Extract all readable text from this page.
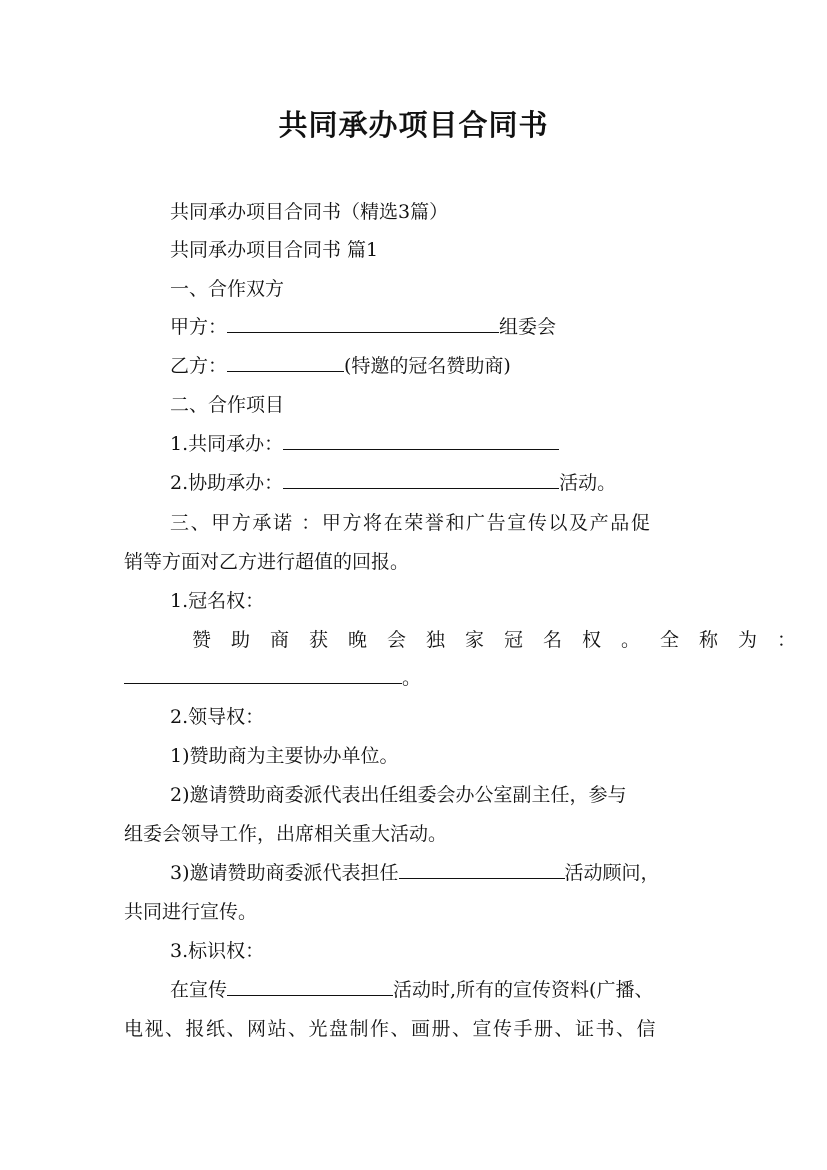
共同承办项目合同书
共同承办项目合同书（精选3篇）
共同承办项目合同书 篇1
一、合作双方
甲方：	组委会
乙方：	(特邀的冠名赞助商)
二、合作项目
1.共同承办：
2.协助承办：	活动。
三、甲方承诺 ：甲方将在荣誉和广告宣传以及产品促
销等方面对乙方进行超值的回报。
1.冠名权：
赞助商获晚会独家冠名权。全称为：
。
2.领导权：
1)赞助商为主要协办单位。
2)邀请赞助商委派代表出任组委会办公室副主任，参与
组委会领导工作，出席相关重大活动。
3)邀请赞助商委派代表担任	活动顾问，
共同进行宣传。
3.标识权：
在宣传	活动时,所有的宣传资料(广播、
电视、报纸、网站、光盘制作、画册、宣传手册、证书、信
